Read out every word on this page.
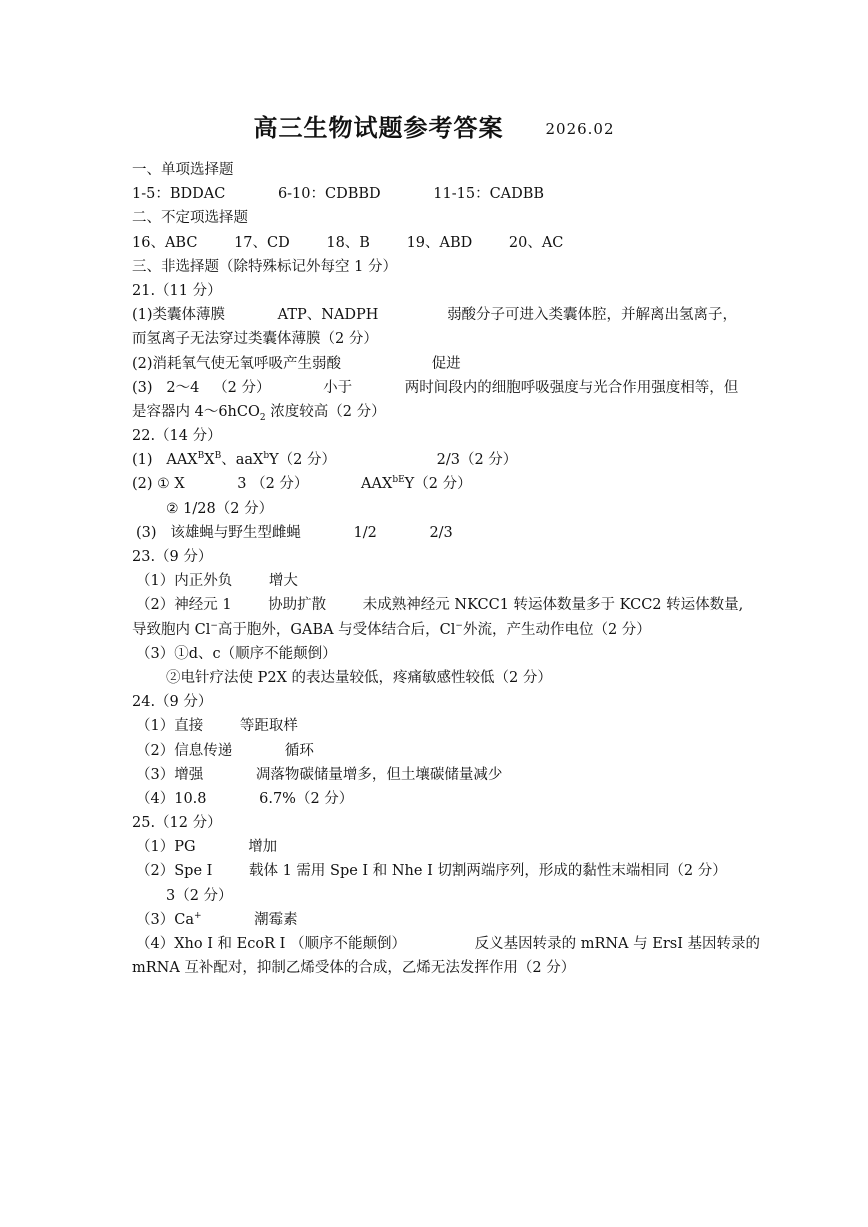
高三生物试题参考答案	2026.02
一、单项选择题
1-5：BDDAC	6-10：CDBBD	11-15：CADBB
二、不定项选择题
16、ABC	17、CD	18、B	19、ABD	20、AC
三、非选择题（除特殊标记外每空 1 分）
21.（11 分）
(1)类囊体薄膜	ATP、NADPH	弱酸分子可进入类囊体腔，并解离出氢离子，
而氢离子无法穿过类囊体薄膜（2 分）
(2)消耗氧气使无氧呼吸产生弱酸	促进
(3)   2～4   （2 分）	小于	两时间段内的细胞呼吸强度与光合作用强度相等，但
是容器内 4～6hCO$_2$ 浓度较高（2 分）
22.（14 分）
(1)   $AAX^BX^B$、aaX$^b$Y（2 分）	2/3（2 分）
(2) ① X	3 （2 分）	$AAX^{bE}Y(2$ 分）
② 1/28（2 分）
(3)   该雄蝇与野生型雌蝇	1/2	2/3
23.（9 分）
（1）内正外负	增大
（2）神经元 1	协助扩散	未成熟神经元 NKCC1 转运体数量多于 KCC2 转运体数量,
导致胞内 Cl−高于胞外，GABA 与受体结合后，Cl−外流，产生动作电位（2 分）
（3）①d、c（顺序不能颠倒）
②电针疗法使 P2X 的表达量较低，疼痛敏感性较低（2 分）
24.（9 分）
（1）直接	等距取样
（2）信息传递	循环
（3）增强	凋落物碳储量增多，但土壤碳储量减少
（4）10.8	6.7%（2 分）
25.（12 分）
（1）PG	增加
（2）Spe I	载体 1 需用 Spe I 和 Nhe I 切割两端序列，形成的黏性末端相同（2 分）
3（2 分）
（3）Ca+	潮霉素
（4）Xho I 和 EcoR I （顺序不能颠倒）	反义基因转录的 mRNA 与 ErsI 基因转录的
mRNA 互补配对，抑制乙烯受体的合成，乙烯无法发挥作用（2 分）
